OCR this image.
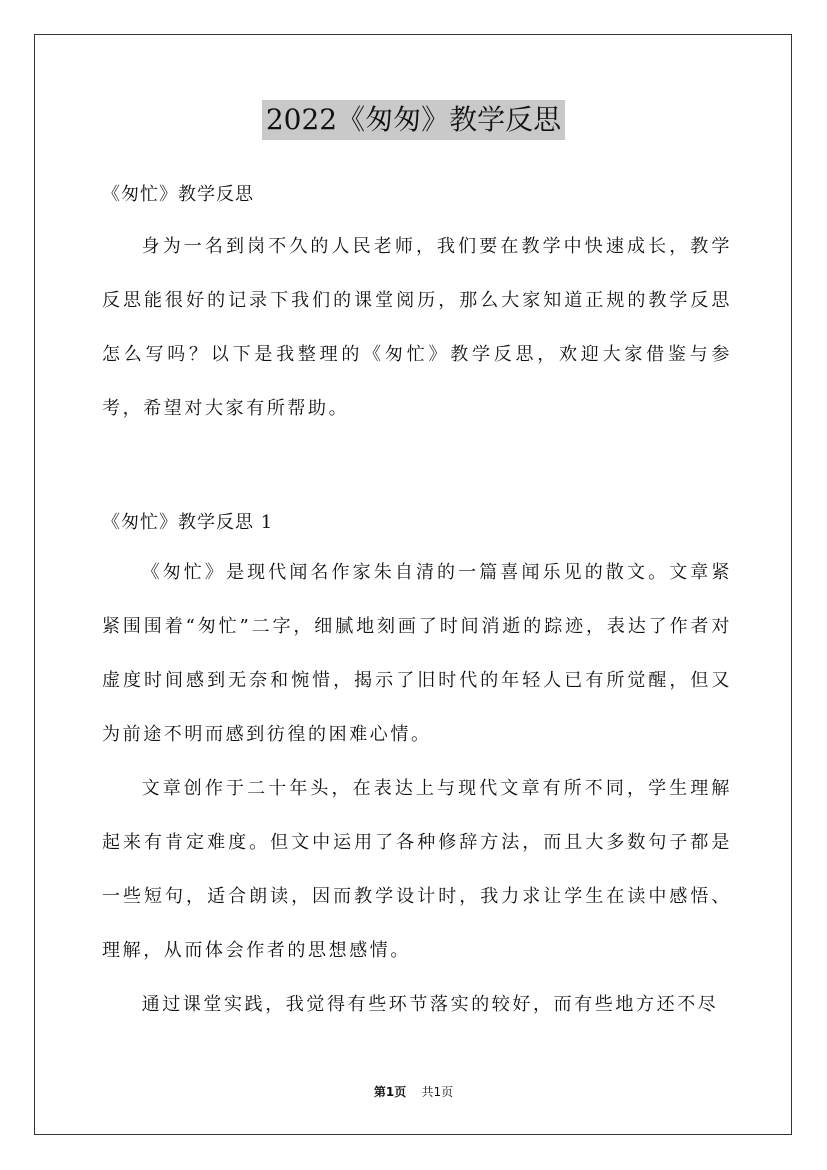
2022《匆匆》教学反思
《匆忙》教学反思

身为一名到岗不久的人民老师，我们要在教学中快速成长，教学反思能很好的记录下我们的课堂阅历，那么大家知道正规的教学反思怎么写吗？以下是我整理的《匆忙》教学反思，欢迎大家借鉴与参考，希望对大家有所帮助。

《匆忙》教学反思 1

《匆忙》是现代闻名作家朱自清的一篇喜闻乐见的散文。文章紧紧围围着“匆忙”二字，细腻地刻画了时间消逝的踪迹，表达了作者对虚度时间感到无奈和惋惜，揭示了旧时代的年轻人已有所觉醒，但又为前途不明而感到彷徨的困难心情。

文章创作于二十年头，在表达上与现代文章有所不同，学生理解起来有肯定难度。但文中运用了各种修辞方法，而且大多数句子都是一些短句，适合朗读，因而教学设计时，我力求让学生在读中感悟、理解，从而体会作者的思想感情。

通过课堂实践，我觉得有些环节落实的较好，而有些地方还不尽

第1页 共1页
